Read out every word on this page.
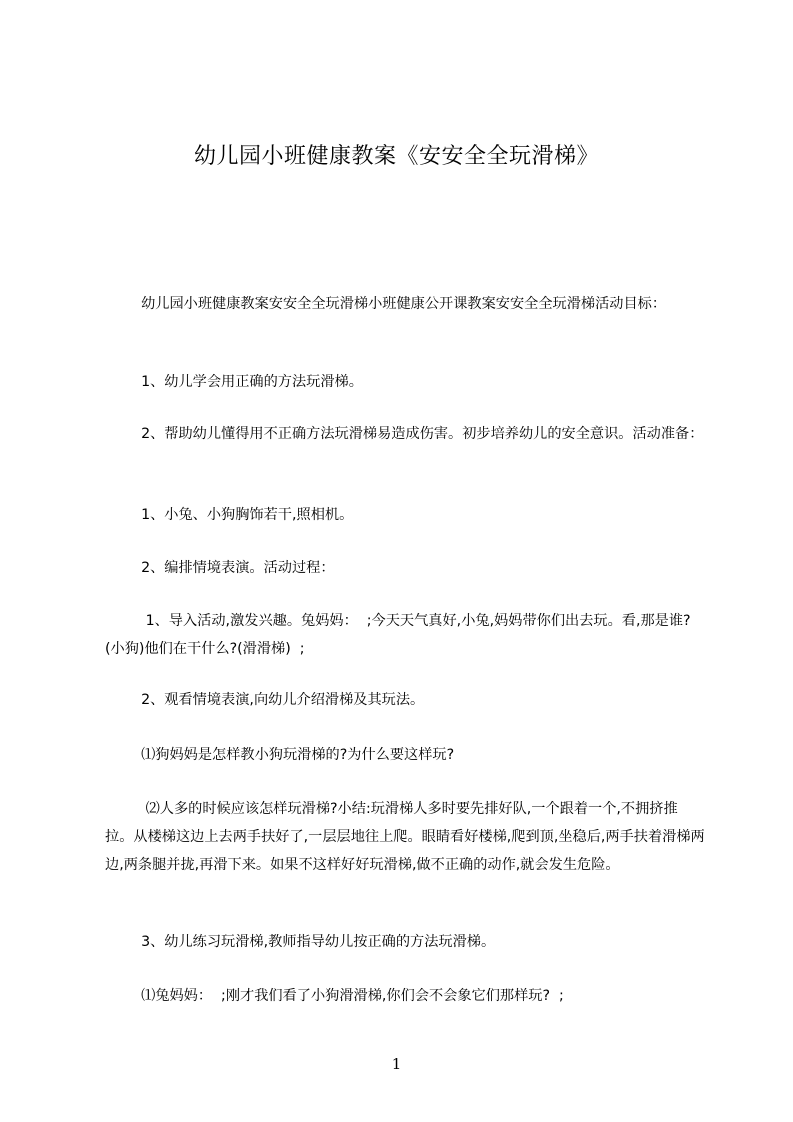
幼儿园小班健康教案《安安全全玩滑梯》

幼儿园小班健康教案安安全全玩滑梯小班健康公开课教案安安全全玩滑梯活动目标：

1、幼儿学会用正确的方法玩滑梯。

2、帮助幼儿懂得用不正确方法玩滑梯易造成伤害。初步培养幼儿的安全意识。活动准备：

1、小兔、小狗胸饰若干,照相机。

2、编排情境表演。活动过程：

1、导入活动,激发兴趣。兔妈妈：  ;今天天气真好,小兔,妈妈带你们出去玩。看,那是谁?(小狗)他们在干什么?(滑滑梯)  ;

2、观看情境表演,向幼儿介绍滑梯及其玩法。

⑴狗妈妈是怎样教小狗玩滑梯的?为什么要这样玩?

⑵人多的时候应该怎样玩滑梯?小结:玩滑梯人多时要先排好队,一个跟着一个,不拥挤推拉。从楼梯这边上去两手扶好了,一层层地往上爬。眼睛看好楼梯,爬到顶,坐稳后,两手扶着滑梯两边,两条腿并拢,再滑下来。如果不这样好好玩滑梯,做不正确的动作,就会发生危险。

3、幼儿练习玩滑梯,教师指导幼儿按正确的方法玩滑梯。

⑴兔妈妈：  ;刚才我们看了小狗滑滑梯,你们会不会象它们那样玩?  ;

1
